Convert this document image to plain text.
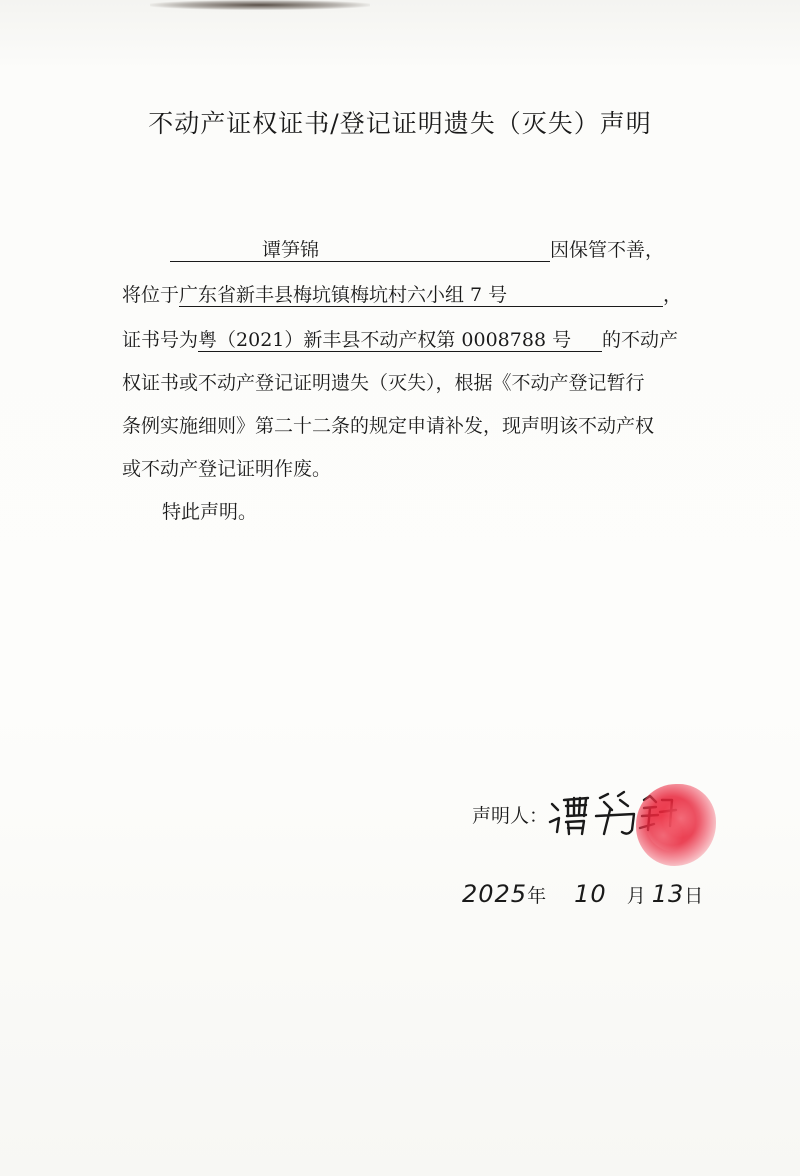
不动产证权证书/登记证明遗失（灭失）声明
谭笋锦	因保管不善，
将位于广东省新丰县梅坑镇梅坑村六小组 7 号	，
证书号为粤（2021）新丰县不动产权第 0008788 号 的不动产
权证书或不动产登记证明遗失（灭失），根据《不动产登记暂行
条例实施细则》第二十二条的规定申请补发，现声明该不动产权
或不动产登记证明作废。
特此声明。
声明人：
2025年 10 月 13日
